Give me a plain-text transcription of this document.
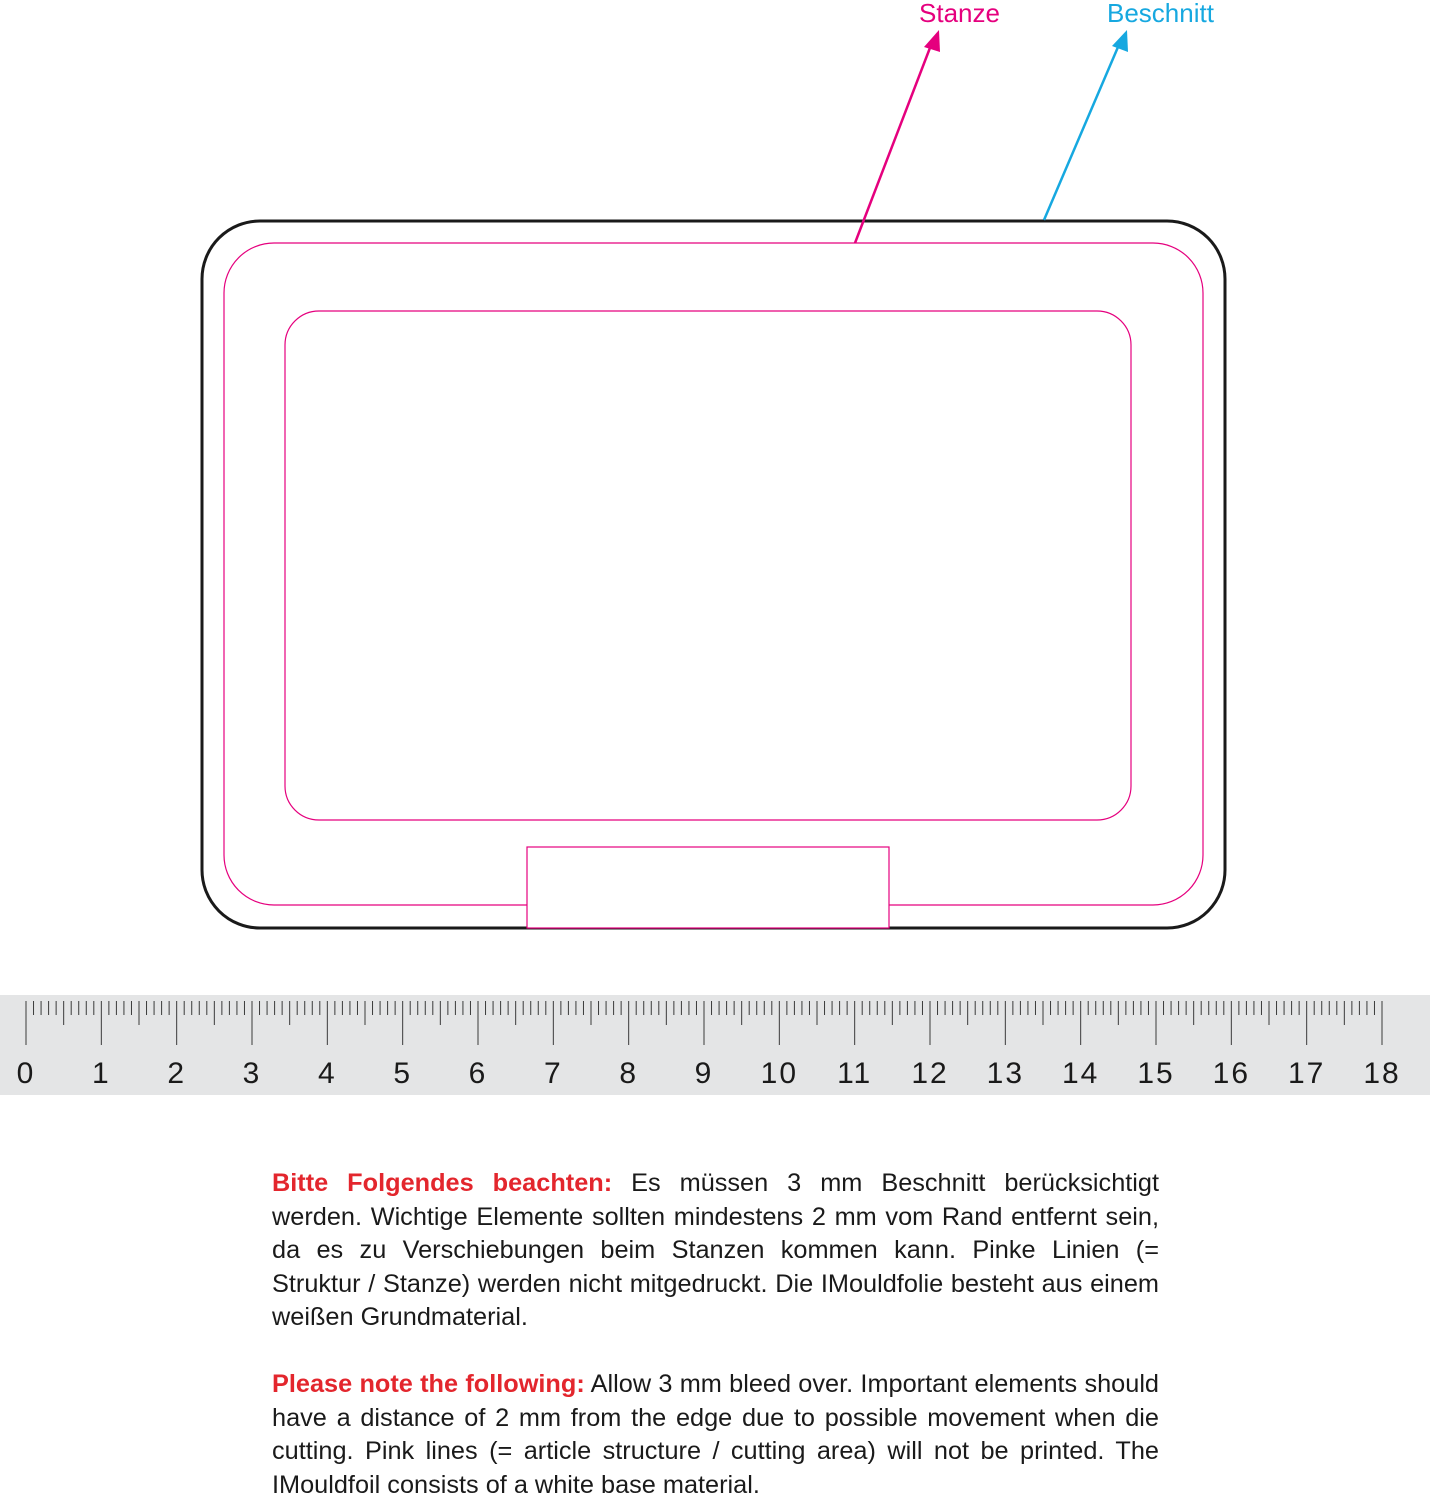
Stanze	Beschnitt
0 1 2 3 4 5 6 7 8 9 10 11 12 13 14 15 16 17 18

Bitte Folgendes beachten: Es müssen 3 mm Beschnitt berücksichtigt werden. Wichtige Elemente sollten mindestens 2 mm vom Rand entfernt sein, da es zu Verschiebungen beim Stanzen kommen kann. Pinke Linien (= Struktur / Stanze) werden nicht mitgedruckt. Die IMouldfolie besteht aus einem weißen Grundmaterial.

Please note the following: Allow 3 mm bleed over. Important elements should have a distance of 2 mm from the edge due to possible movement when die cutting. Pink lines (= article structure / cutting area) will not be printed. The IMouldfoil consists of a white base material.
